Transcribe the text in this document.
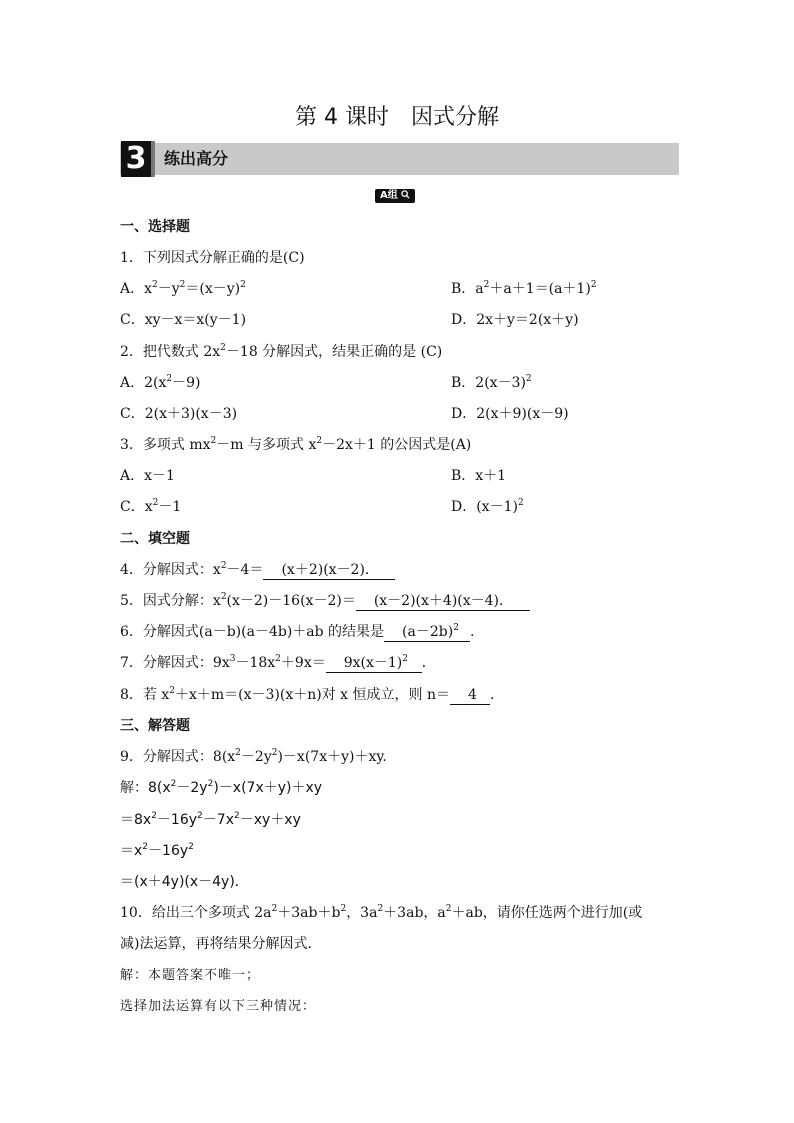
第 4 课时 因式分解
3	练出高分
A组
一、选择题
1．下列因式分解正确的是(C)
A．$x^2-y^2=(x-y)^2$	B．$a^2+a+1=(a+1)^2$
C．xy－x＝x(y－1)	D．2x＋y＝2(x＋y)
2．把代数式 $2x^2-18$ 分解因式，结果正确的是 (C)
A．$2(x^2-9)$	B．$2(x-3)^2$
C．2(x＋3)(x－3)	D．2(x＋9)(x－9)
3．多项式 $mx^2-m$ 与多项式 $x^2-2x+1$ 的公因式是(A)
A．x－1	B．x＋1
C．$x^2-1$	D．$(x-1)^2$
二、填空题
4．分解因式：$x^2-4= (x+2)(x-2)$．
5．因式分解：$x^2(x-2)-16(x-2)= (x-2)(x+4)(x-4)$．
6．分解因式(a－b)(a－4b)＋ab 的结果是 $(a-2b)^2$ .
7．分解因式：$9x^3-18x^2+9x= 9x(x-1)^2$ ．
8．若 $x^2+x+m=(x-3)(x+n)$对 x 恒成立，则 n＝ 4 .
三、解答题
9．分解因式：$8(x^2-2y^2)-x(7x+y)+xy$.
解：$8(x^2-2y^2)-x(7x+y)+xy$
$=8x^2-16y^2-7x^2-xy+xy$
$=x^2-16y^2$
＝(x＋4y)(x－4y)．
10．给出三个多项式 $2a^2+3ab+b^2$，$3a^2+3ab$，$a^2+ab$，请你任选两个进行加(或
减)法运算，再将结果分解因式.
解：本题答案不唯一；
选择加法运算有以下三种情况：
